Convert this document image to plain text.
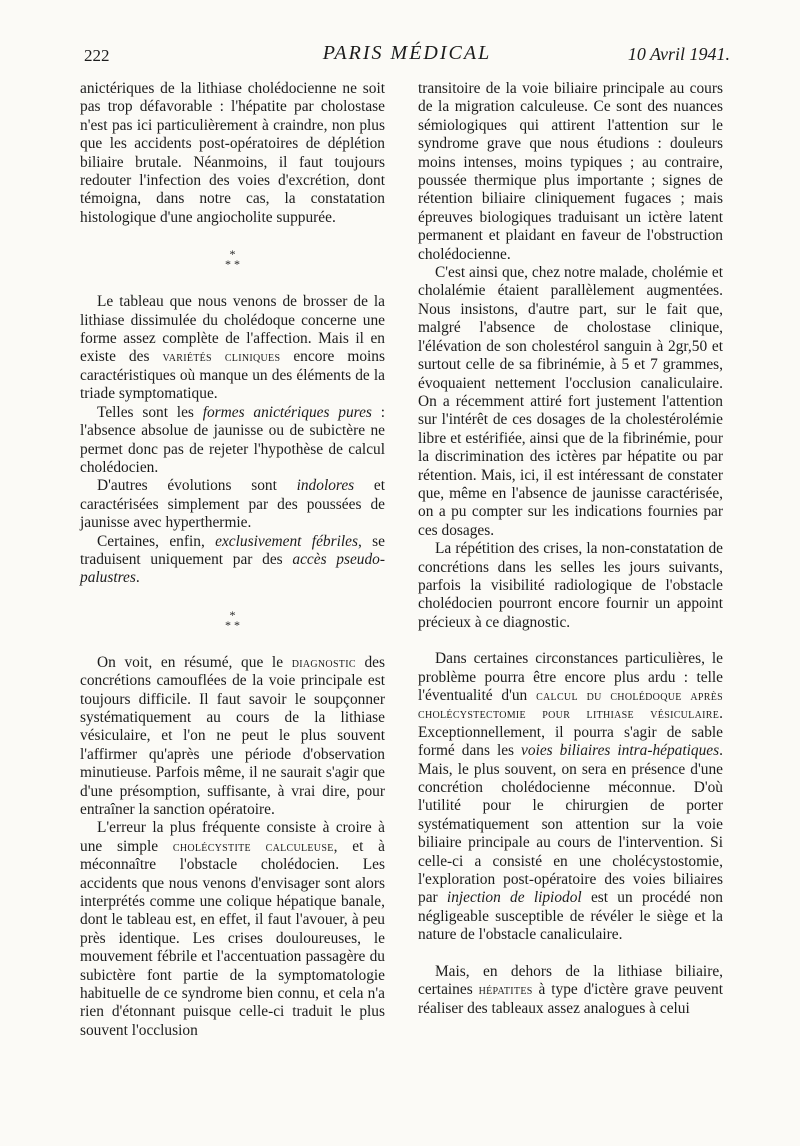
222	PARIS MÉDICAL	10 Avril 1941.

anictériques de la lithiase cholédocienne ne soit pas trop défavorable : l'hépatite par cholostase n'est pas ici particulièrement à craindre, non plus que les accidents post-opératoires de déplétion biliaire brutale. Néanmoins, il faut toujours redouter l'infection des voies d'excrétion, dont témoigna, dans notre cas, la constatation histologique d'une angiocholite suppurée.

*
* *

Le tableau que nous venons de brosser de la lithiase dissimulée du cholédoque concerne une forme assez complète de l'affection. Mais il en existe des variétés cliniques encore moins caractéristiques où manque un des éléments de la triade symptomatique.

Telles sont les formes anictériques pures : l'absence absolue de jaunisse ou de subictère ne permet donc pas de rejeter l'hypothèse de calcul cholédocien.

D'autres évolutions sont indolores et caractérisées simplement par des poussées de jaunisse avec hyperthermie.

Certaines, enfin, exclusivement fébriles, se traduisent uniquement par des accès pseudo-palustres.

*
* *

On voit, en résumé, que le diagnostic des concrétions camouflées de la voie principale est toujours difficile. Il faut savoir le soupçonner systématiquement au cours de la lithiase vésiculaire, et l'on ne peut le plus souvent l'affirmer qu'après une période d'observation minutieuse. Parfois même, il ne saurait s'agir que d'une présomption, suffisante, à vrai dire, pour entraîner la sanction opératoire.

L'erreur la plus fréquente consiste à croire à une simple cholécystite calculeuse, et à méconnaître l'obstacle cholédocien. Les accidents que nous venons d'envisager sont alors interprétés comme une colique hépatique banale, dont le tableau est, en effet, il faut l'avouer, à peu près identique. Les crises douloureuses, le mouvement fébrile et l'accentuation passagère du subictère font partie de la symptomatologie habituelle de ce syndrome bien connu, et cela n'a rien d'étonnant puisque celle-ci traduit le plus souvent l'occlusion

transitoire de la voie biliaire principale au cours de la migration calculeuse. Ce sont des nuances sémiologiques qui attirent l'attention sur le syndrome grave que nous étudions : douleurs moins intenses, moins typiques ; au contraire, poussée thermique plus importante ; signes de rétention biliaire cliniquement fugaces ; mais épreuves biologiques traduisant un ictère latent permanent et plaidant en faveur de l'obstruction cholédocienne.

C'est ainsi que, chez notre malade, cholémie et cholalémie étaient parallèlement augmentées. Nous insistons, d'autre part, sur le fait que, malgré l'absence de cholostase clinique, l'élévation de son cholestérol sanguin à 2gr,50 et surtout celle de sa fibrinémie, à 5 et 7 grammes, évoquaient nettement l'occlusion canaliculaire. On a récemment attiré fort justement l'attention sur l'intérêt de ces dosages de la cholestérolémie libre et estérifiée, ainsi que de la fibrinémie, pour la discrimination des ictères par hépatite ou par rétention. Mais, ici, il est intéressant de constater que, même en l'absence de jaunisse caractérisée, on a pu compter sur les indications fournies par ces dosages.

La répétition des crises, la non-constatation de concrétions dans les selles les jours suivants, parfois la visibilité radiologique de l'obstacle cholédocien pourront encore fournir un appoint précieux à ce diagnostic.

Dans certaines circonstances particulières, le problème pourra être encore plus ardu : telle l'éventualité d'un calcul du cholédoque après cholécystectomie pour lithiase vésiculaire. Exceptionnellement, il pourra s'agir de sable formé dans les voies biliaires intra-hépatiques. Mais, le plus souvent, on sera en présence d'une concrétion cholédocienne méconnue. D'où l'utilité pour le chirurgien de porter systématiquement son attention sur la voie biliaire principale au cours de l'intervention. Si celle-ci a consisté en une cholécystostomie, l'exploration post-opératoire des voies biliaires par injection de lipiodol est un procédé non négligeable susceptible de révéler le siège et la nature de l'obstacle canaliculaire.

Mais, en dehors de la lithiase biliaire, certaines hépatites à type d'ictère grave peuvent réaliser des tableaux assez analogues à celui
